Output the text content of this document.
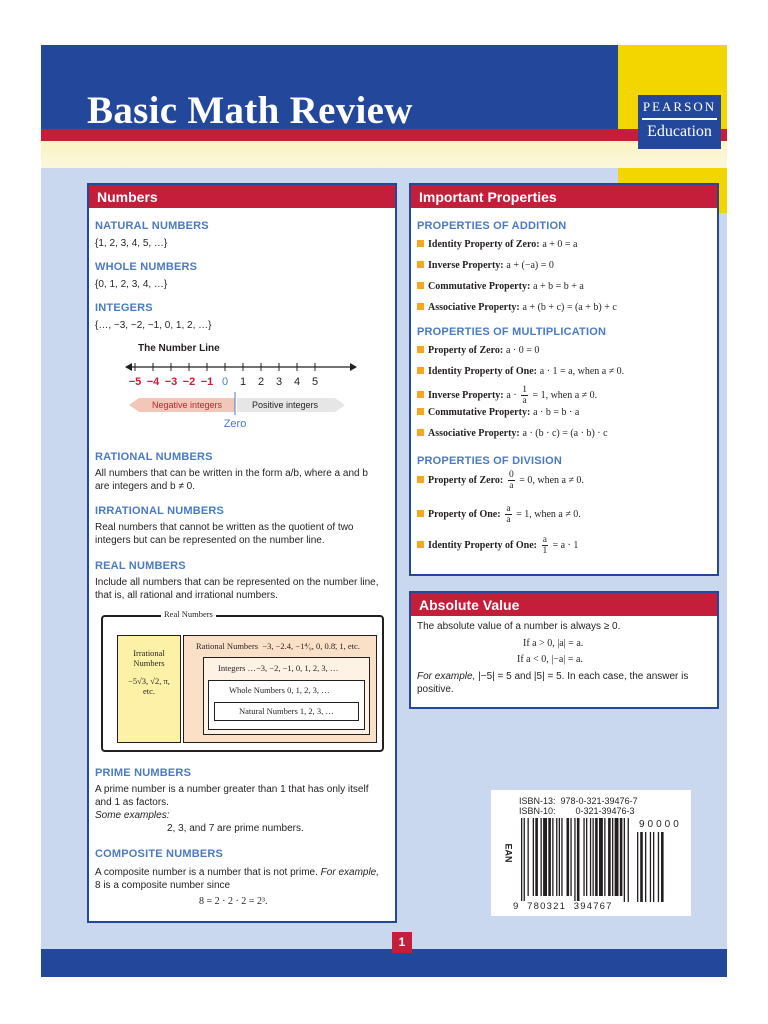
Basic Math Review	PEARSON
Education
Numbers
NATURAL NUMBERS
{1, 2, 3, 4, 5, …}
WHOLE NUMBERS
{0, 1, 2, 3, 4, …}
INTEGERS
{…, −3, −2, −1, 0, 1, 2, …}
The Number Line
−5 −4 −3 −2 −1 0 1 2 3 4 5
Negative integers	Positive integers
Zero
RATIONAL NUMBERS
All numbers that can be written in the form a/b, where a and b are integers and b ≠ 0.
IRRATIONAL NUMBERS
Real numbers that cannot be written as the quotient of two integers but can be represented on the number line.
REAL NUMBERS
Include all numbers that can be represented on the number line, that is, all rational and irrational numbers.
Real Numbers
Irrational Numbers
−5√3, √2, π, etc.
Rational Numbers −3, −2.4, −1⁴⁄₉, 0, 0.8̄, 1, etc.
Integers …−3, −2, −1, 0, 1, 2, 3, …
Whole Numbers 0, 1, 2, 3, …
Natural Numbers 1, 2, 3, …
PRIME NUMBERS
A prime number is a number greater than 1 that has only itself and 1 as factors.
Some examples:
2, 3, and 7 are prime numbers.
COMPOSITE NUMBERS
A composite number is a number that is not prime. For example, 8 is a composite number since
8 = 2 · 2 · 2 = 2³.
Important Properties
PROPERTIES OF ADDITION
Identity Property of Zero: a + 0 = a
Inverse Property: a + (−a) = 0
Commutative Property: a + b = b + a
Associative Property: a + (b + c) = (a + b) + c
PROPERTIES OF MULTIPLICATION
Property of Zero: a · 0 = 0
Identity Property of One: a · 1 = a, when a ≠ 0.
Inverse Property: $a \cdot \frac{1}{a} = 1$, when a ≠ 0.
Commutative Property: a · b = b · a
Associative Property: a · (b · c) = (a · b) · c
PROPERTIES OF DIVISION
Property of Zero: $\frac{0}{a} = 0$, when a ≠ 0.
Property of One: $\frac{a}{a} = 1$, when a ≠ 0.
Identity Property of One: $\frac{a}{1} = a \cdot 1$
Absolute Value
The absolute value of a number is always ≥ 0.
If a > 0, |a| = a.
If a < 0, |−a| = a.
For example, |−5| = 5 and |5| = 5. In each case, the answer is positive.
ISBN-13:  978-0-321-39476-7
ISBN-10:        0-321-39476-3
90000
EAN
9  780321  394767
1
